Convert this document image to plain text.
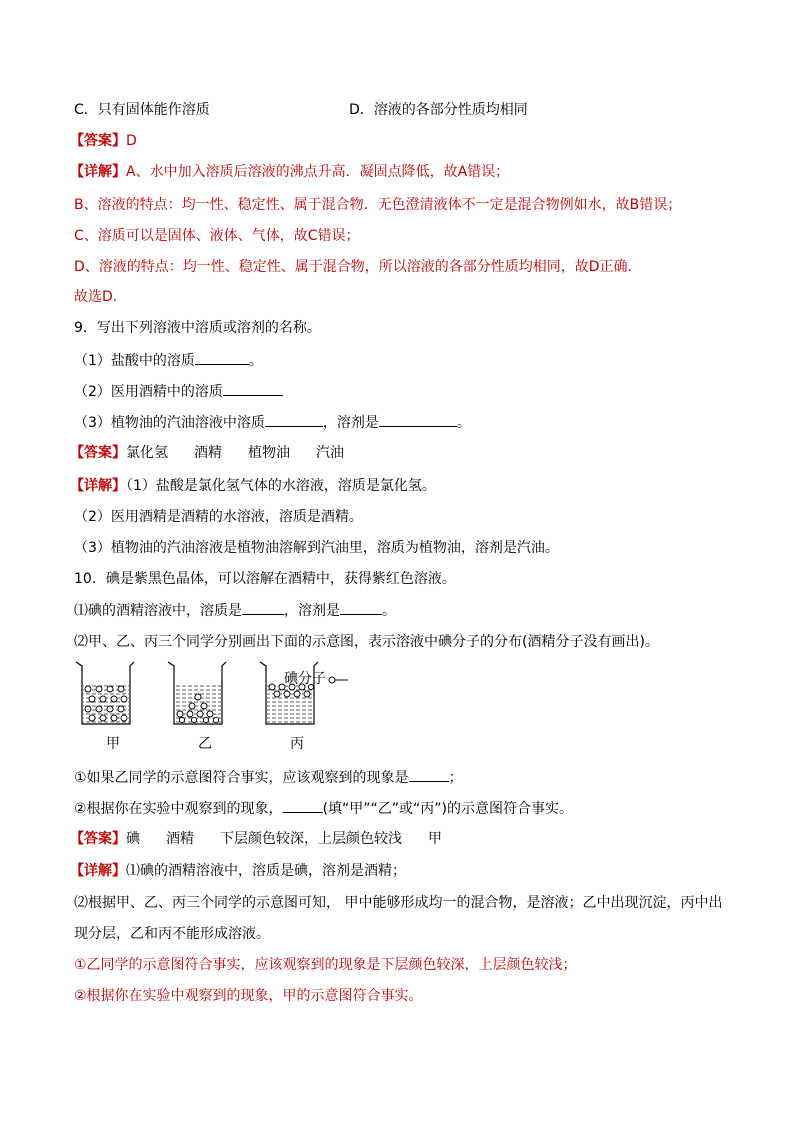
C．只有固体能作溶质	D．溶液的各部分性质均相同
【答案】D
【详解】A、水中加入溶质后溶液的沸点升高．凝固点降低，故A错误；
B、溶液的特点：均一性、稳定性、属于混合物．无色澄清液体不一定是混合物例如水，故B错误；
C、溶质可以是固体、液体、气体，故C错误；
D、溶液的特点：均一性、稳定性、属于混合物，所以溶液的各部分性质均相同，故D正确．
故选D．
9．写出下列溶液中溶质或溶剂的名称。
（1）盐酸中的溶质	。
（2）医用酒精中的溶质
（3）植物油的汽油溶液中溶质	，溶剂是	。
【答案】氯化氢 酒精 植物油 汽油
【详解】（1）盐酸是氯化氢气体的水溶液，溶质是氯化氢。
（2）医用酒精是酒精的水溶液，溶质是酒精。
（3）植物油的汽油溶液是植物油溶解到汽油里，溶质为植物油，溶剂是汽油。
10．碘是紫黑色晶体，可以溶解在酒精中，获得紫红色溶液。
⑴碘的酒精溶液中，溶质是	，溶剂是	。
⑵甲、乙、丙三个同学分别画出下面的示意图，表示溶液中碘分子的分布(酒精分子没有画出)。
碘分子
甲	乙	丙
①如果乙同学的示意图符合事实，应该观察到的现象是	；
②根据你在实验中观察到的现象，	(填“甲”“乙”或“丙”)的示意图符合事实。
【答案】碘 酒精 下层颜色较深，上层颜色较浅 甲
【详解】⑴碘的酒精溶液中，溶质是碘，溶剂是酒精；
⑵根据甲、乙、丙三个同学的示意图可知， 甲中能够形成均一的混合物，是溶液；乙中出现沉淀，丙中出
现分层，乙和丙不能形成溶液。
①乙同学的示意图符合事实，应该观察到的现象是下层颜色较深，上层颜色较浅；
②根据你在实验中观察到的现象，甲的示意图符合事实。
